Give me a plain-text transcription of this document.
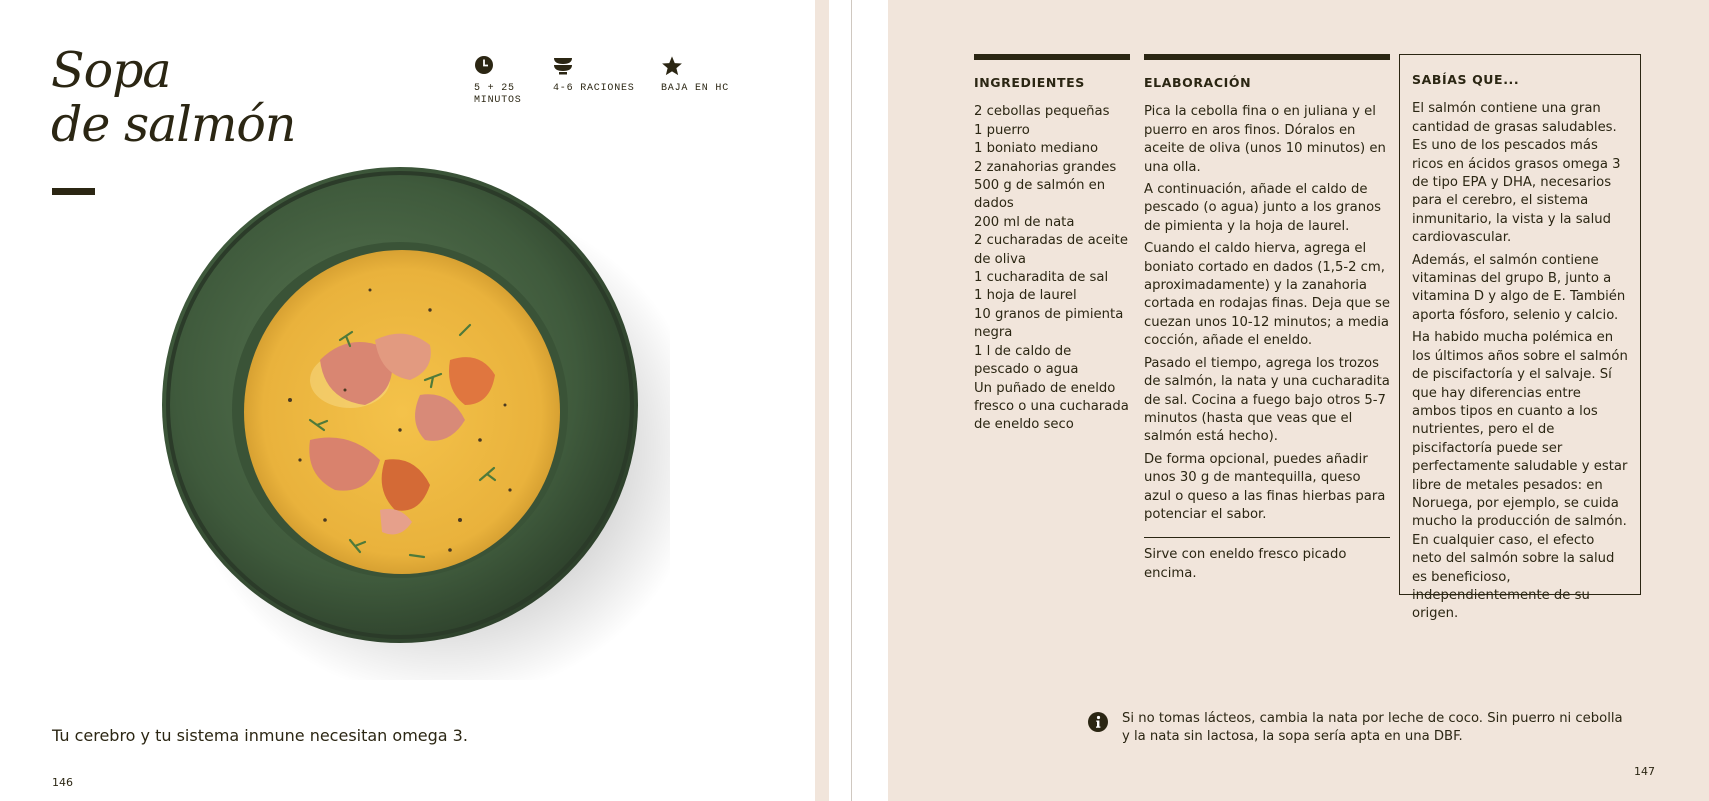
Sopa
de salmón
5 + 25
MINUTOS
4-6 RACIONES	BAJA EN HC
Tu cerebro y tu sistema inmune necesitan omega 3.
146
INGREDIENTES
2 cebollas pequeñas
1 puerro
1 boniato mediano
2 zanahorias grandes
500 g de salmón en dados
200 ml de nata
2 cucharadas de aceite de oliva
1 cucharadita de sal
1 hoja de laurel
10 granos de pimienta negra
1 l de caldo de pescado o agua
Un puñado de eneldo fresco o una cucharada de eneldo seco
ELABORACIÓN

Pica la cebolla fina o en juliana y el puerro en aros finos. Dóralos en aceite de oliva (unos 10 minutos) en una olla.

A continuación, añade el caldo de pescado (o agua) junto a los granos de pimienta y la hoja de laurel.

Cuando el caldo hierva, agrega el boniato cortado en dados (1,5-2 cm, aproximadamente) y la zanahoria cortada en rodajas finas. Deja que se cuezan unos 10-12 minutos; a media cocción, añade el eneldo.

Pasado el tiempo, agrega los trozos de salmón, la nata y una cucharadita de sal. Cocina a fuego bajo otros 5-7 minutos (hasta que veas que el salmón está hecho).

De forma opcional, puedes añadir unos 30 g de mantequilla, queso azul o queso a las finas hierbas para potenciar el sabor.

Sirve con eneldo fresco picado encima.

SABÍAS QUE...

El salmón contiene una gran cantidad de grasas saludables. Es uno de los pescados más ricos en ácidos grasos omega 3 de tipo EPA y DHA, necesarios para el cerebro, el sistema inmunitario, la vista y la salud cardiovascular.

Además, el salmón contiene vitaminas del grupo B, junto a vitamina D y algo de E. También aporta fósforo, selenio y calcio.

Ha habido mucha polémica en los últimos años sobre el salmón de piscifactoría y el salvaje. Sí que hay diferencias entre ambos tipos en cuanto a los nutrientes, pero el de piscifactoría puede ser perfectamente saludable y estar libre de metales pesados: en Noruega, por ejemplo, se cuida mucho la producción de salmón. En cualquier caso, el efecto neto del salmón sobre la salud es beneficioso, independientemente de su origen.

Si no tomas lácteos, cambia la nata por leche de coco. Sin puerro ni cebolla y la nata sin lactosa, la sopa sería apta en una DBF.
147
